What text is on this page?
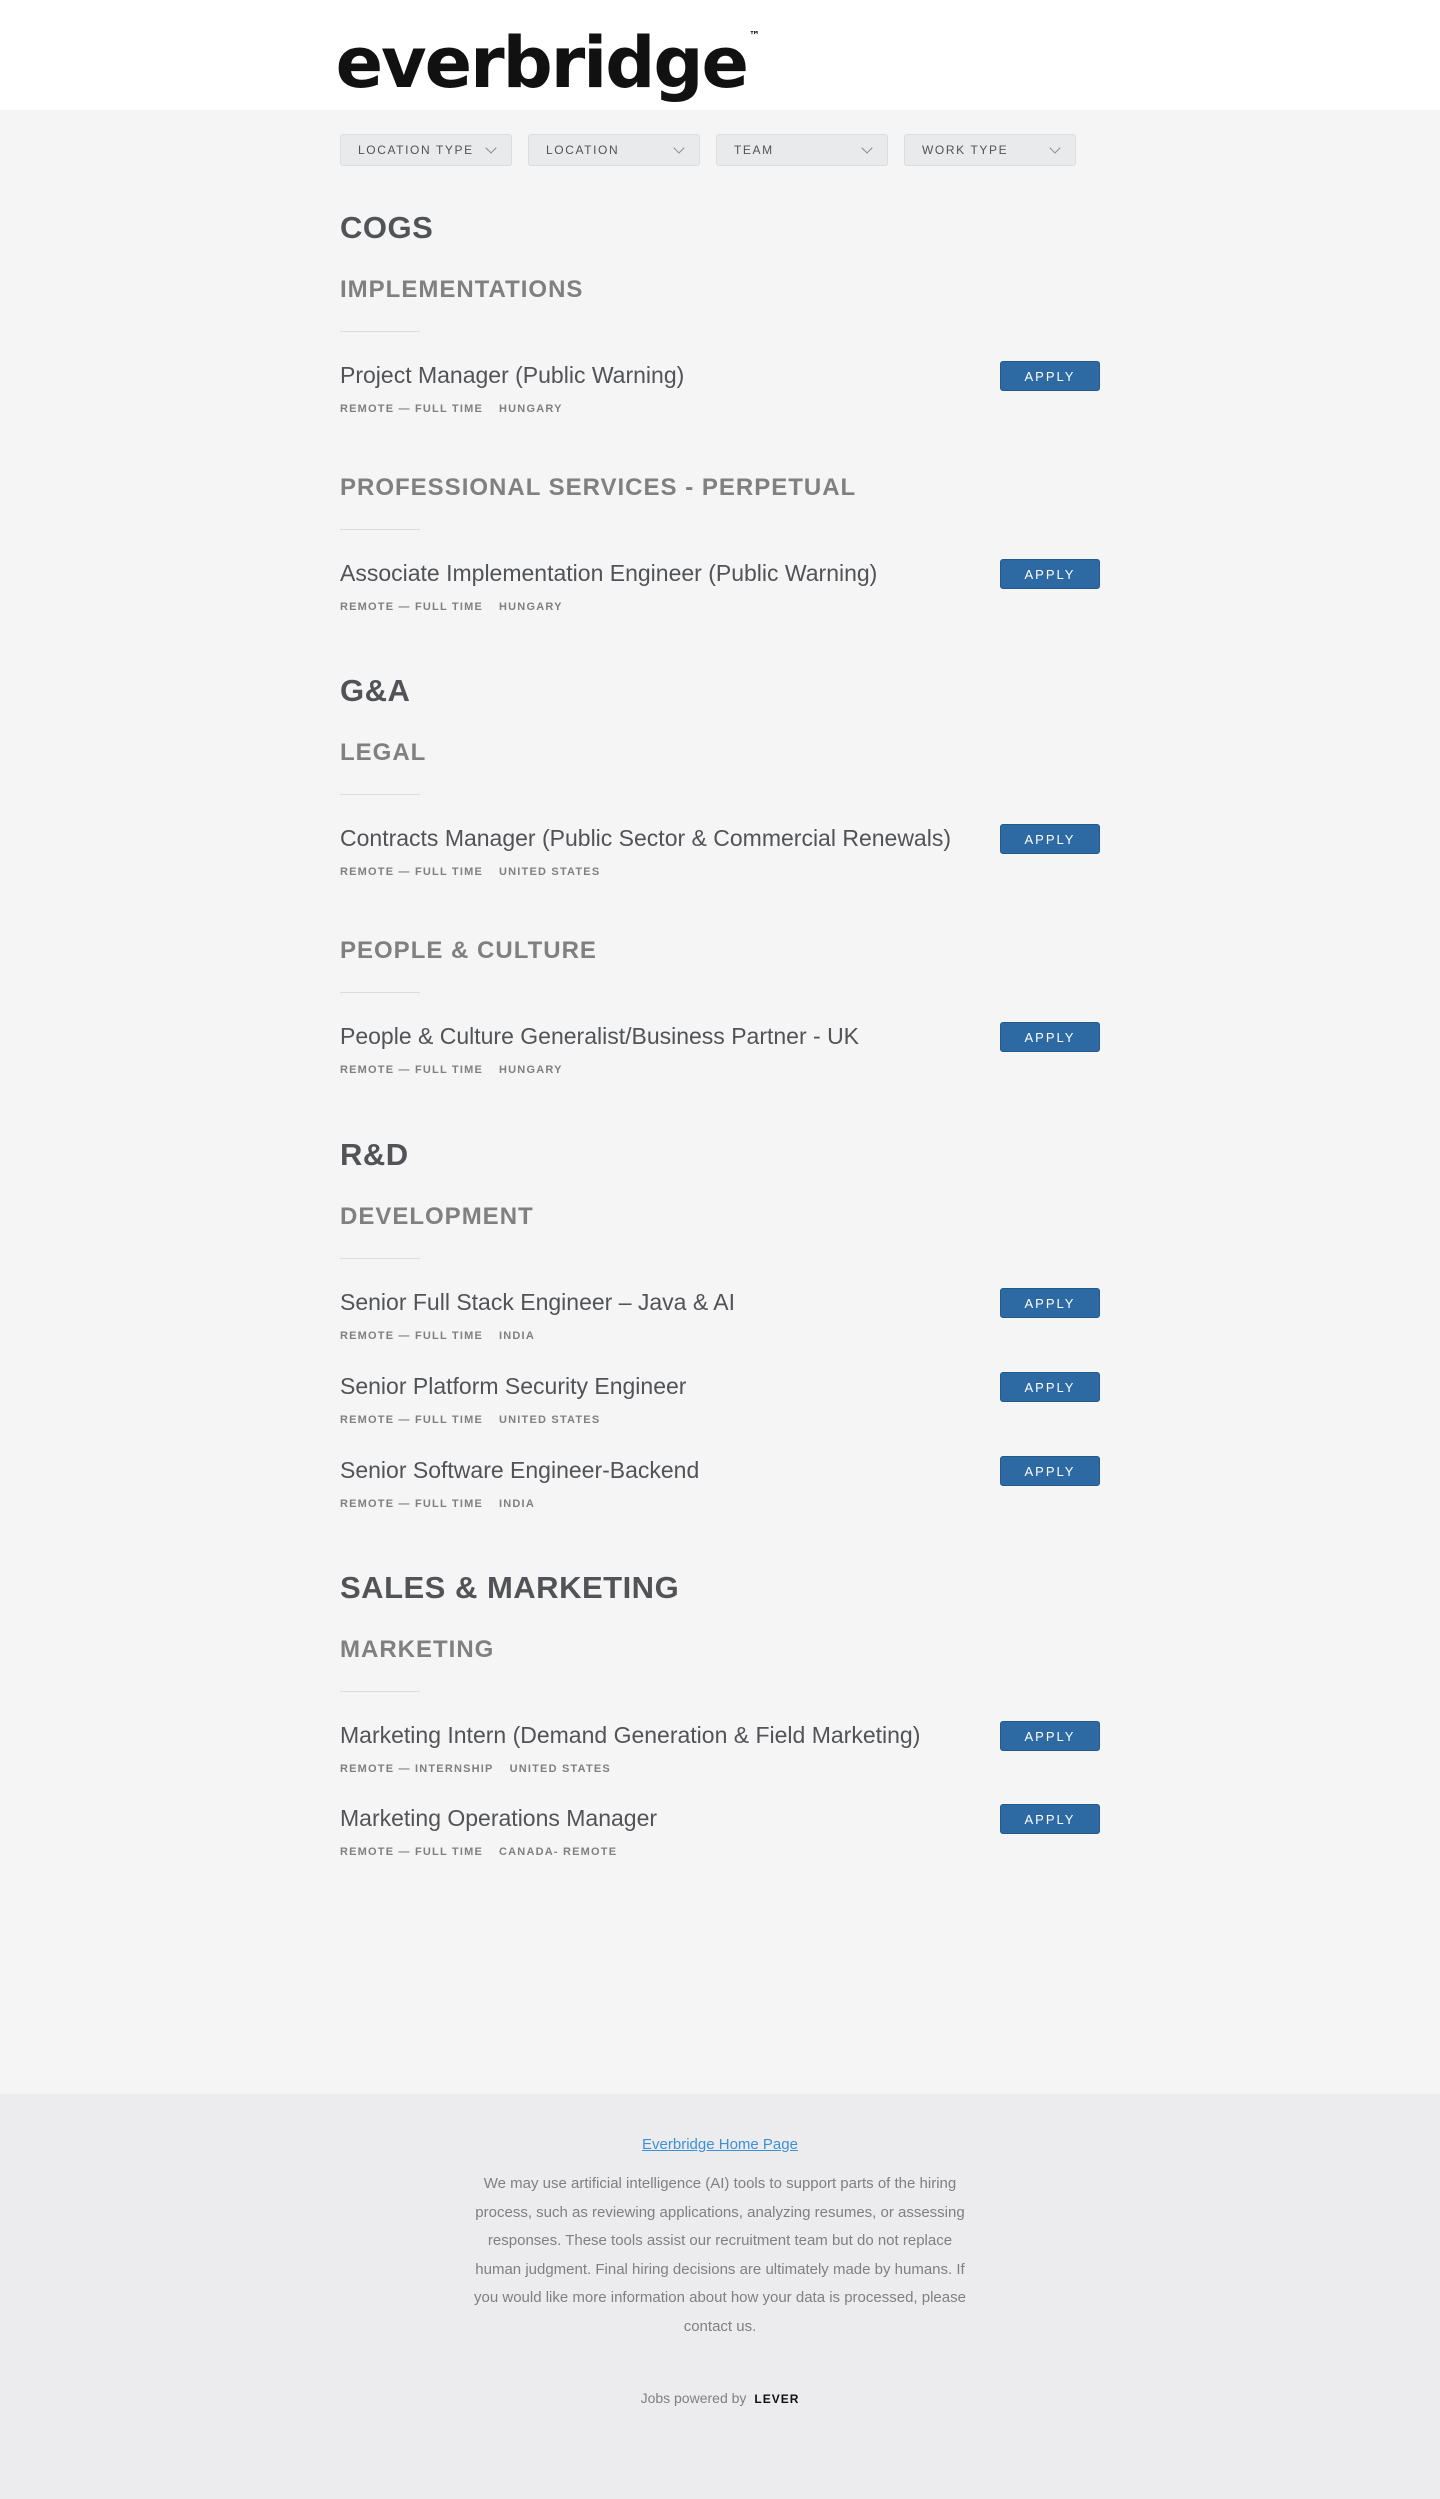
everbridge ™
LOCATION TYPE	LOCATION	TEAM	WORK TYPE
COGS
IMPLEMENTATIONS
Project Manager (Public Warning)
REMOTE — FULL TIME HUNGARY
APPLY
PROFESSIONAL SERVICES - PERPETUAL
Associate Implementation Engineer (Public Warning)
REMOTE — FULL TIME HUNGARY
APPLY
G&A
LEGAL
Contracts Manager (Public Sector & Commercial Renewals)
REMOTE — FULL TIME UNITED STATES
APPLY
PEOPLE & CULTURE
People & Culture Generalist/Business Partner - UK
REMOTE — FULL TIME HUNGARY
APPLY
R&D
DEVELOPMENT
Senior Full Stack Engineer – Java & AI
REMOTE — FULL TIME INDIA
APPLY
Senior Platform Security Engineer
REMOTE — FULL TIME UNITED STATES
APPLY
Senior Software Engineer-Backend
REMOTE — FULL TIME INDIA
APPLY
SALES & MARKETING
MARKETING
Marketing Intern (Demand Generation & Field Marketing)
REMOTE — INTERNSHIP UNITED STATES
APPLY
Marketing Operations Manager
REMOTE — FULL TIME CANADA- REMOTE
APPLY
Everbridge Home Page
We may use artificial intelligence (AI) tools to support parts of the hiring process, such as reviewing applications, analyzing resumes, or assessing responses. These tools assist our recruitment team but do not replace human judgment. Final hiring decisions are ultimately made by humans. If you would like more information about how your data is processed, please contact us.
Jobs powered by LEVER
